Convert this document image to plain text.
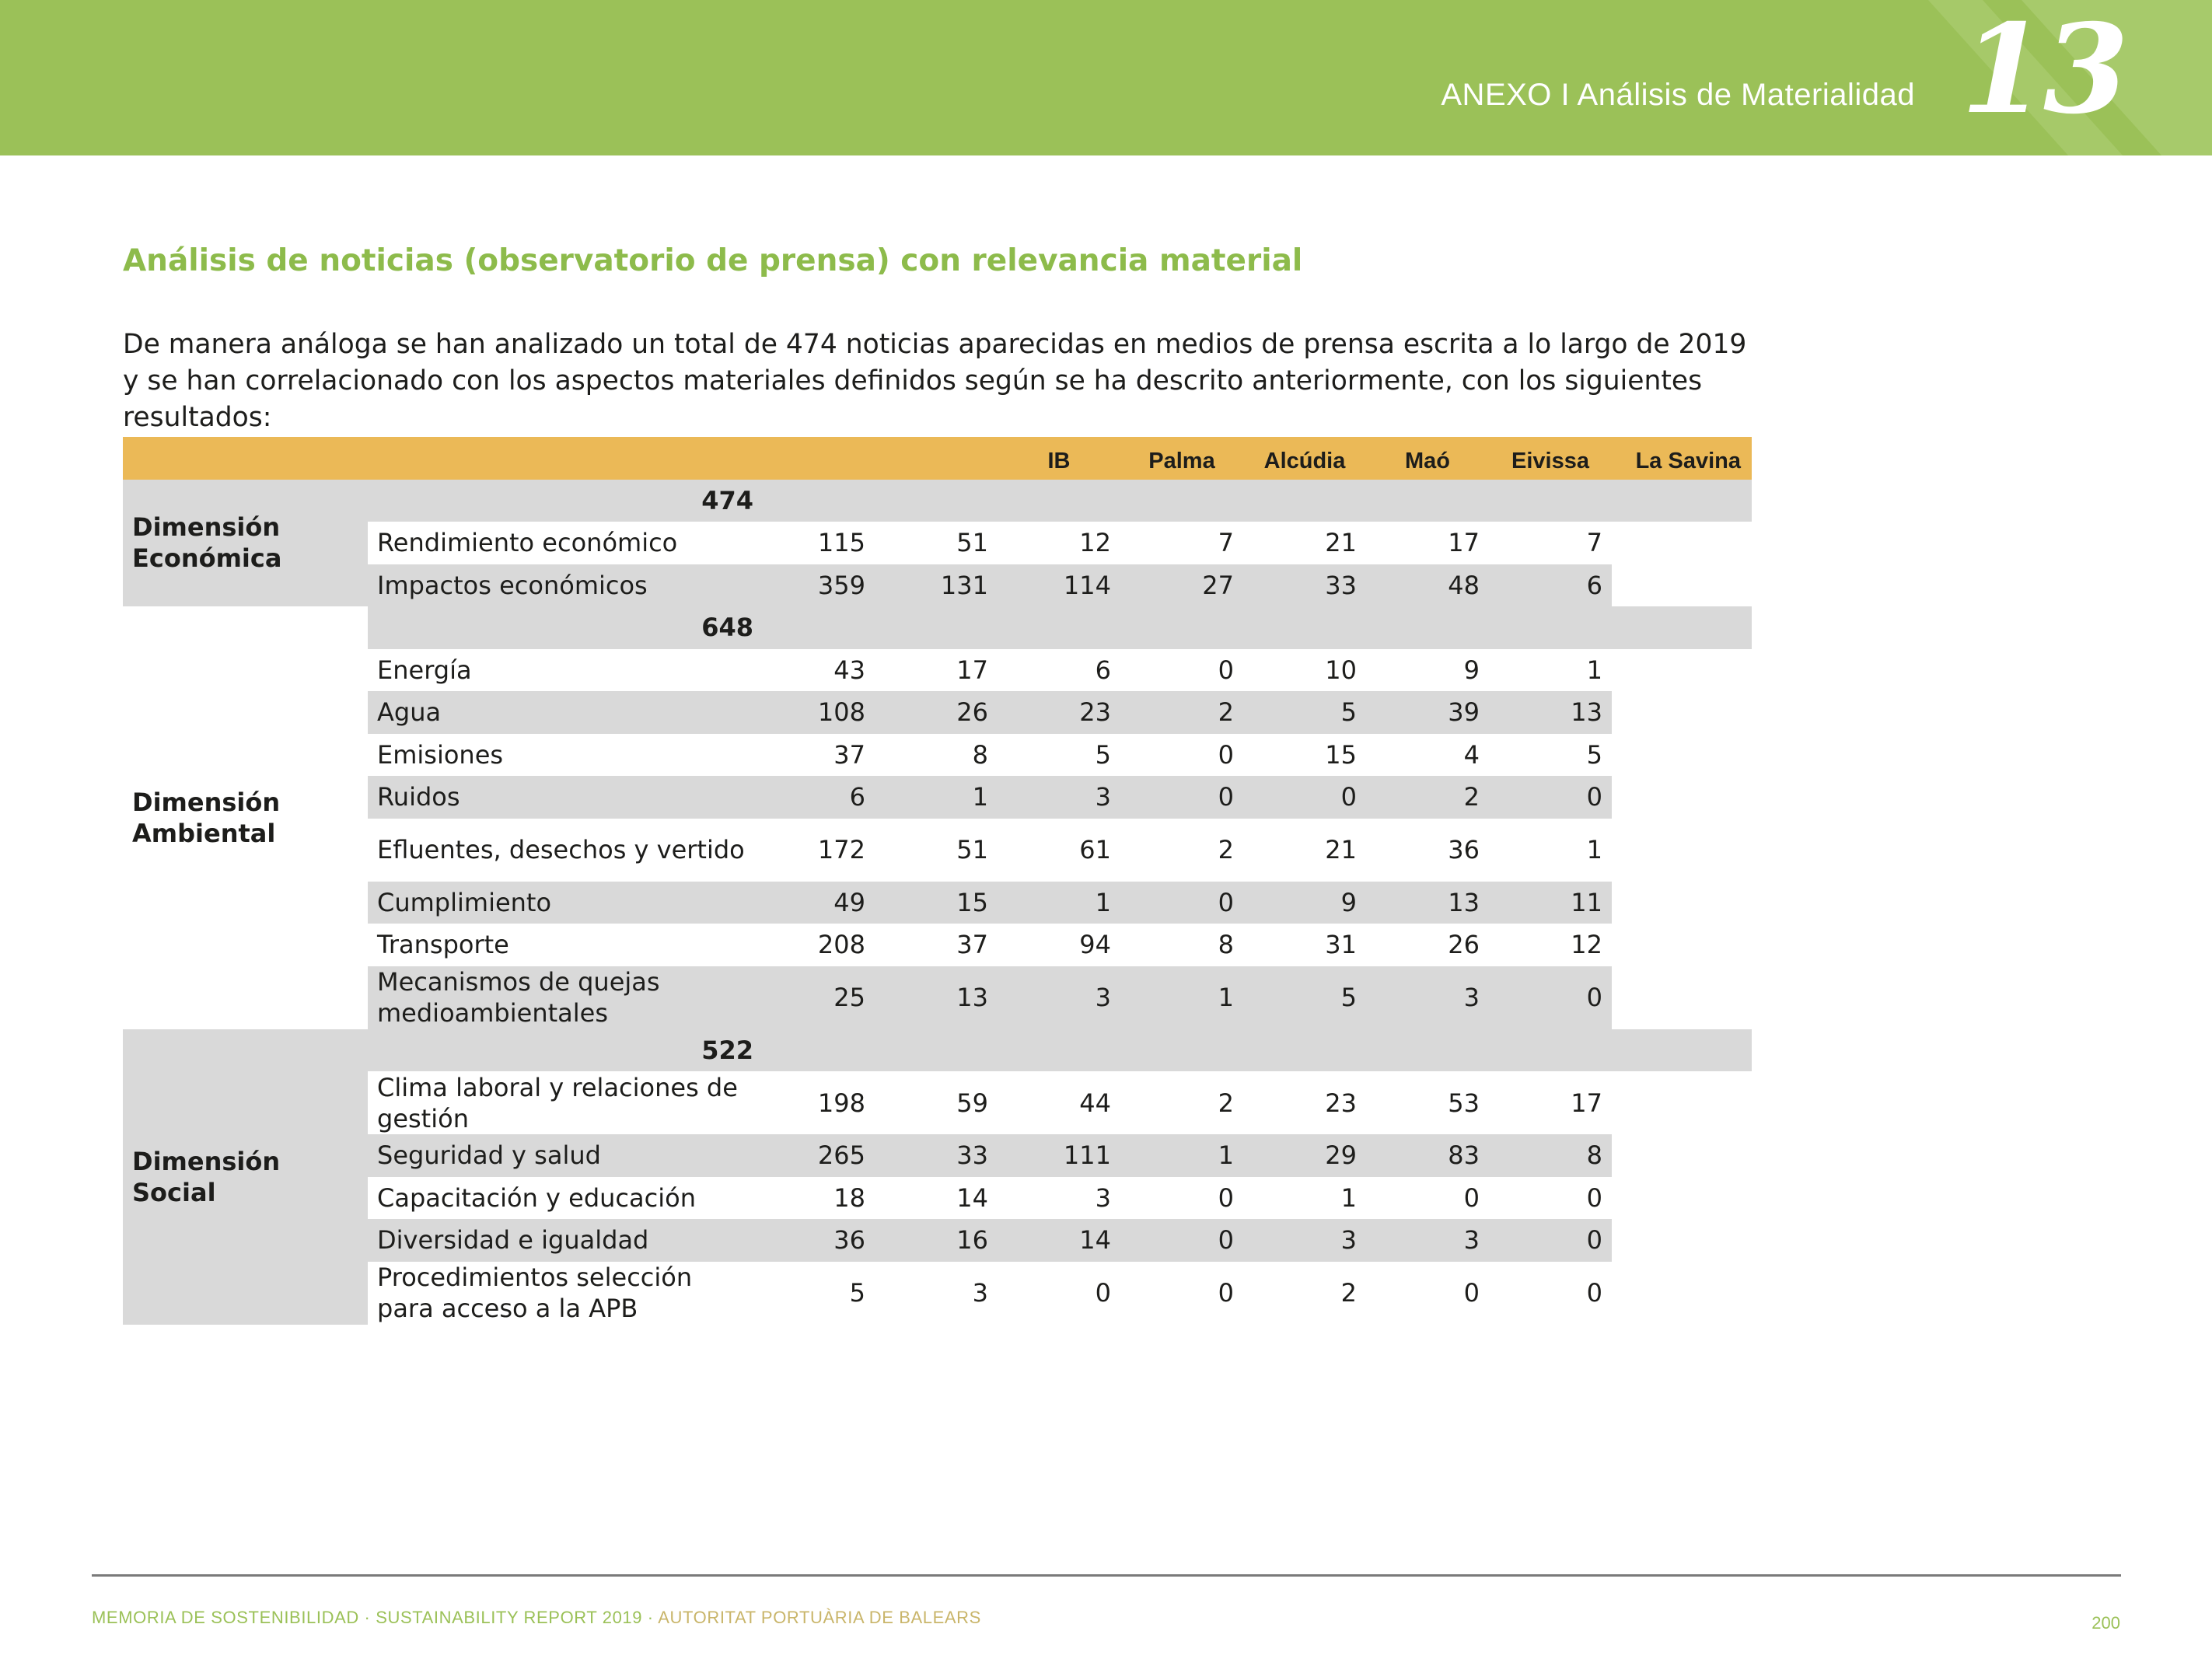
ANEXO I Análisis de Materialidad 13
Análisis de noticias (observatorio de prensa) con relevancia material

De manera análoga se han analizado un total de 474 noticias aparecidas en medios de prensa escrita a lo largo de 2019 y se han correlacionado con los aspectos materiales definidos según se ha descrito anteriormente, con los siguientes resultados:

				IB	Palma	Alcúdia	Maó	Eivissa	La Savina
Dimensión Económica	474								
	Rendimiento económico	115	51	12	7	21	17	7	
	Impactos económicos	359	131	114	27	33	48	6	
Dimensión Ambiental	648								
	Energía	43	17	6	0	10	9	1	
	Agua	108	26	23	2	5	39	13	
	Emisiones	37	8	5	0	15	4	5	
	Ruidos	6	1	3	0	0	2	0	
	Efluentes, desechos y vertido	172	51	61	2	21	36	1	
	Cumplimiento	49	15	1	0	9	13	11	
	Transporte	208	37	94	8	31	26	12	
	Mecanismos de quejas medioambientales	25	13	3	1	5	3	0	
Dimensión Social	522								
	Clima laboral y relaciones de gestión	198	59	44	2	23	53	17	
	Seguridad y salud	265	33	111	1	29	83	8	
	Capacitación y educación	18	14	3	0	1	0	0	
	Diversidad e igualdad	36	16	14	0	3	3	0	
	Procedimientos selección para acceso a la APB	5	3	0	0	2	0	0	
MEMORIA DE SOSTENIBILIDAD · SUSTAINABILITY REPORT 2019 · AUTORITAT PORTUÀRIA DE BALEARS	200
